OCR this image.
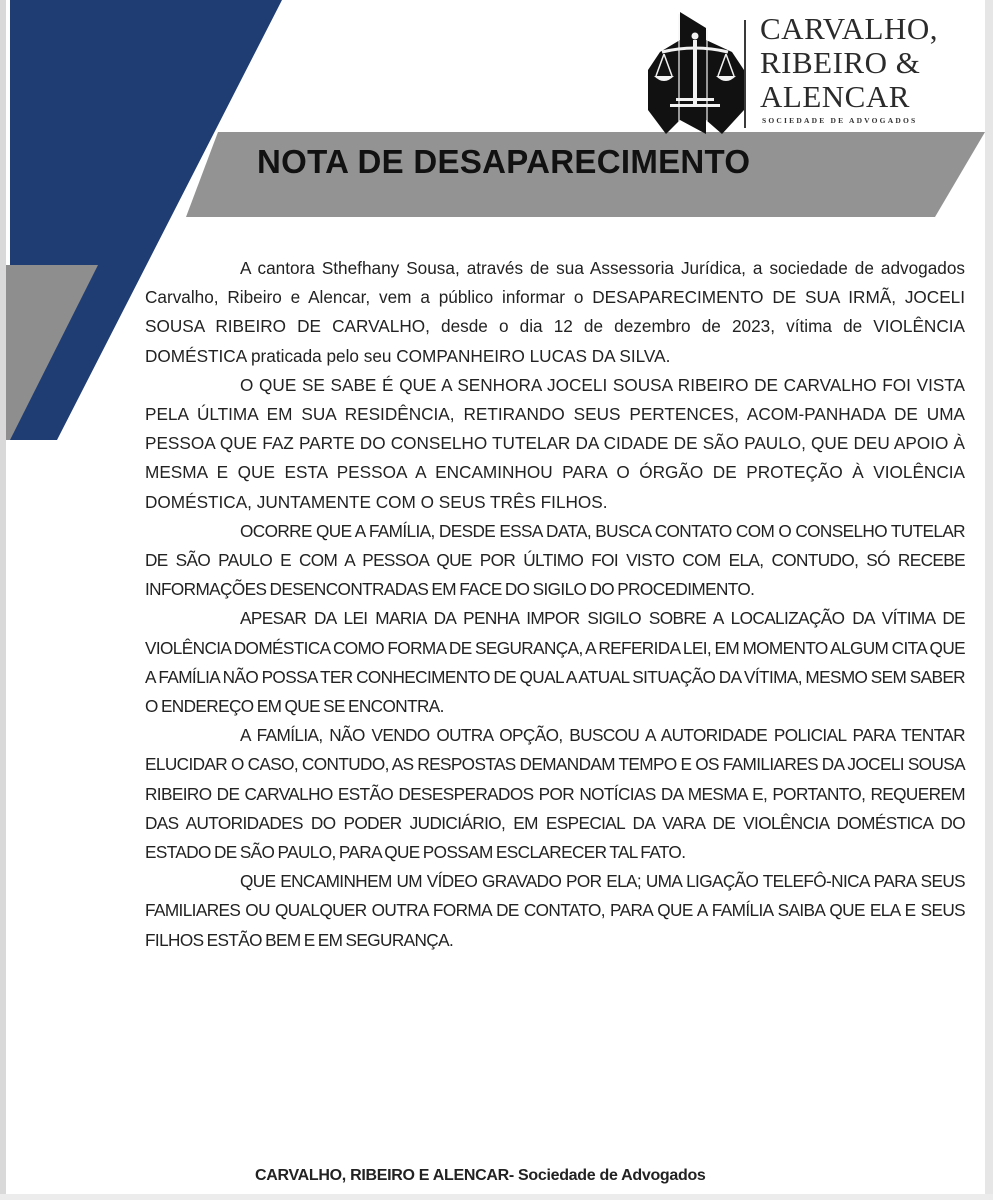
CARVALHO,
RIBEIRO &
ALENCAR
SOCIEDADE DE ADVOGADOS
NOTA DE DESAPARECIMENTO

A cantora Sthefhany Sousa, através de sua Assessoria Jurídica, a sociedade de advogados Carvalho, Ribeiro e Alencar, vem a público informar o DESAPARECIMENTO DE SUA IRMÃ, JOCELI SOUSA RIBEIRO DE CARVALHO, desde o dia 12 de dezembro de 2023, vítima de VIOLÊNCIA DOMÉSTICA praticada pelo seu COMPANHEIRO LUCAS DA SILVA.

O QUE SE SABE É QUE A SENHORA JOCELI SOUSA RIBEIRO DE CARVALHO FOI VISTA PELA ÚLTIMA EM SUA RESIDÊNCIA, RETIRANDO SEUS PERTENCES, ACOM-PANHADA DE UMA PESSOA QUE FAZ PARTE DO CONSELHO TUTELAR DA CIDADE DE SÃO PAULO, QUE DEU APOIO À MESMA E QUE ESTA PESSOA A ENCAMINHOU PARA O ÓRGÃO DE PROTEÇÃO À VIOLÊNCIA DOMÉSTICA, JUNTAMENTE COM O SEUS TRÊS FILHOS.

OCORRE QUE A FAMÍLIA, DESDE ESSA DATA, BUSCA CONTATO COM O CONSELHO TUTELAR DE SÃO PAULO E COM A PESSOA QUE POR ÚLTIMO FOI VISTO COM ELA, CONTUDO, SÓ RECEBE INFORMAÇÕES DESENCONTRADAS EM FACE DO SIGILO DO PROCEDIMENTO.

APESAR DA LEI MARIA DA PENHA IMPOR SIGILO SOBRE A LOCALIZAÇÃO DA VÍTIMA DE VIOLÊNCIA DOMÉSTICA COMO FORMA DE SEGURANÇA, A REFERIDA LEI, EM MOMENTO ALGUM CITA QUE A FAMÍLIA NÃO POSSA TER CONHECIMENTO DE QUAL A ATUAL SITUAÇÃO DA VÍTIMA, MESMO SEM SABER O ENDEREÇO EM QUE SE ENCONTRA.

A FAMÍLIA, NÃO VENDO OUTRA OPÇÃO, BUSCOU A AUTORIDADE POLICIAL PARA TENTAR ELUCIDAR O CASO, CONTUDO, AS RESPOSTAS DEMANDAM TEMPO E OS FAMILIARES DA JOCELI SOUSA RIBEIRO DE CARVALHO ESTÃO DESESPERADOS POR NOTÍCIAS DA MESMA E, PORTANTO, REQUEREM DAS AUTORIDADES DO PODER JUDICIÁRIO, EM ESPECIAL DA VARA DE VIOLÊNCIA DOMÉSTICA DO ESTADO DE SÃO PAULO, PARA QUE POSSAM ESCLARECER TAL FATO.

QUE ENCAMINHEM UM VÍDEO GRAVADO POR ELA; UMA LIGAÇÃO TELEFÔ-NICA PARA SEUS FAMILIARES OU QUALQUER OUTRA FORMA DE CONTATO, PARA QUE A FAMÍLIA SAIBA QUE ELA E SEUS FILHOS ESTÃO BEM E EM SEGURANÇA.

CARVALHO, RIBEIRO E ALENCAR- Sociedade de Advogados
